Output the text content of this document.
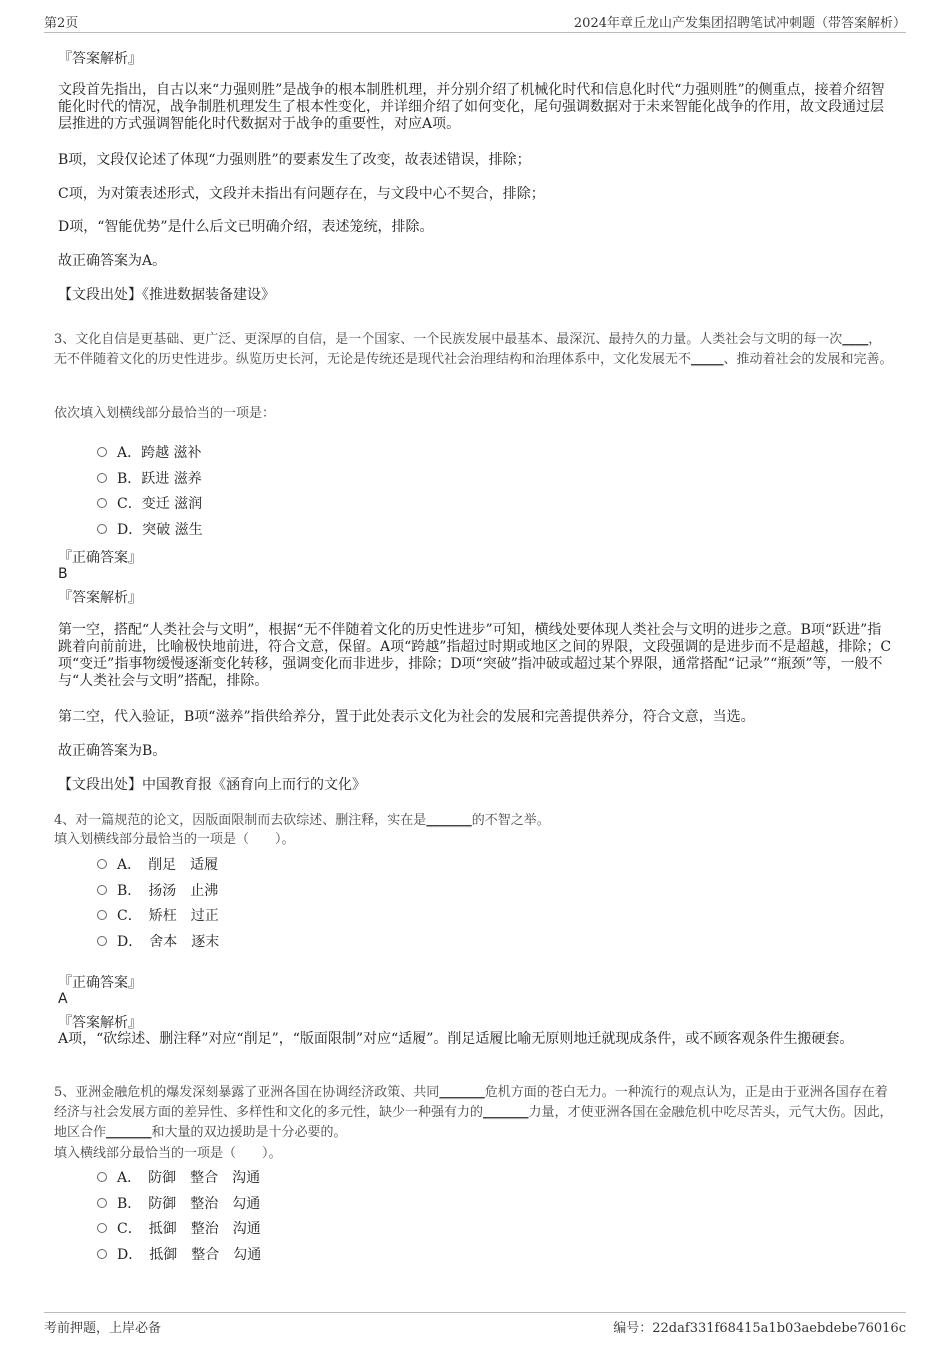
第2页	2024年章丘龙山产发集团招聘笔试冲刺题（带答案解析）
『答案解析』

文段首先指出，自古以来“力强则胜”是战争的根本制胜机理，并分别介绍了机械化时代和信息化时代“力强则胜”的侧重点，接着介绍智能化时代的情况，战争制胜机理发生了根本性变化，并详细介绍了如何变化，尾句强调数据对于未来智能化战争的作用，故文段通过层层推进的方式强调智能化时代数据对于战争的重要性，对应A项。

B项，文段仅论述了体现“力强则胜”的要素发生了改变，故表述错误，排除；

C项，为对策表述形式，文段并未指出有问题存在，与文段中心不契合，排除；

D项，“智能优势”是什么后文已明确介绍，表述笼统，排除。

故正确答案为A。

【文段出处】《推进数据装备建设》

3、文化自信是更基础、更广泛、更深厚的自信，是一个国家、一个民族发展中最基本、最深沉、最持久的力量。人类社会与文明的每一次____，无不伴随着文化的历史性进步。纵览历史长河，无论是传统还是现代社会治理结构和治理体系中，文化发展无不_____、推动着社会的发展和完善。

依次填入划横线部分最恰当的一项是：

A．跨越 滋补
B．跃进 滋养
C．变迁 滋润
D．突破 滋生
『正确答案』
B
『答案解析』

第一空，搭配“人类社会与文明”，根据“无不伴随着文化的历史性进步”可知，横线处要体现人类社会与文明的进步之意。B项“跃进”指跳着向前前进，比喻极快地前进，符合文意，保留。A项“跨越”指超过时期或地区之间的界限，文段强调的是进步而不是超越，排除；C项“变迁”指事物缓慢逐渐变化转移，强调变化而非进步，排除；D项“突破”指冲破或超过某个界限，通常搭配“记录”“瓶颈”等，一般不与“人类社会与文明”搭配，排除。

第二空，代入验证，B项“滋养”指供给养分，置于此处表示文化为社会的发展和完善提供养分，符合文意，当选。

故正确答案为B。

【文段出处】中国教育报《涵育向上而行的文化》

4、对一篇规范的论文，因版面限制而去砍综述、删注释，实在是_______的不智之举。

填入划横线部分最恰当的一项是（　　）。

A．　削足　适履
B．　扬汤　止沸
C．　矫枉　过正
D．　舍本　逐末
『正确答案』
A
『答案解析』

A项，“砍综述、删注释”对应“削足”，“版面限制”对应“适履”。削足适履比喻无原则地迁就现成条件，或不顾客观条件生搬硬套。

5、亚洲金融危机的爆发深刻暴露了亚洲各国在协调经济政策、共同_______危机方面的苍白无力。一种流行的观点认为，正是由于亚洲各国存在着经济与社会发展方面的差异性、多样性和文化的多元性，缺少一种强有力的_______力量，才使亚洲各国在金融危机中吃尽苦头，元气大伤。因此，地区合作_______和大量的双边援助是十分必要的。

填入横线部分最恰当的一项是（　　）。

A．　防御　整合　沟通
B．　防御　整治　勾通
C．　抵御　整治　沟通
D．　抵御　整合　勾通
考前押题，上岸必备	编号：22daf331f68415a1b03aebdebe76016c
